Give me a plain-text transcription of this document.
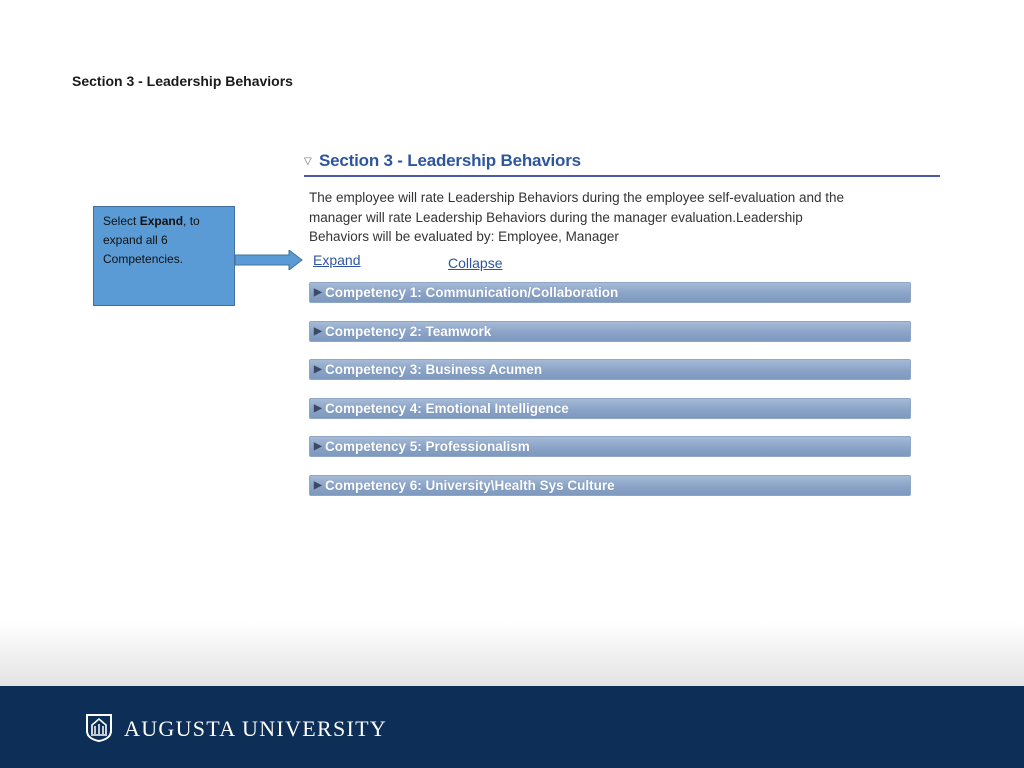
Section 3 - Leadership Behaviors
Select Expand, to expand all 6 Competencies.
▽ Section 3 - Leadership Behaviors
The employee will rate Leadership Behaviors during the employee self-evaluation and the manager will rate Leadership Behaviors during the manager evaluation.Leadership Behaviors will be evaluated by: Employee, Manager
Expand	Collapse
▶ Competency 1: Communication/Collaboration
▶ Competency 2: Teamwork
▶ Competency 3: Business Acumen
▶ Competency 4: Emotional Intelligence
▶ Competency 5: Professionalism
▶ Competency 6: University\Health Sys Culture
AUGUSTA UNIVERSITY
